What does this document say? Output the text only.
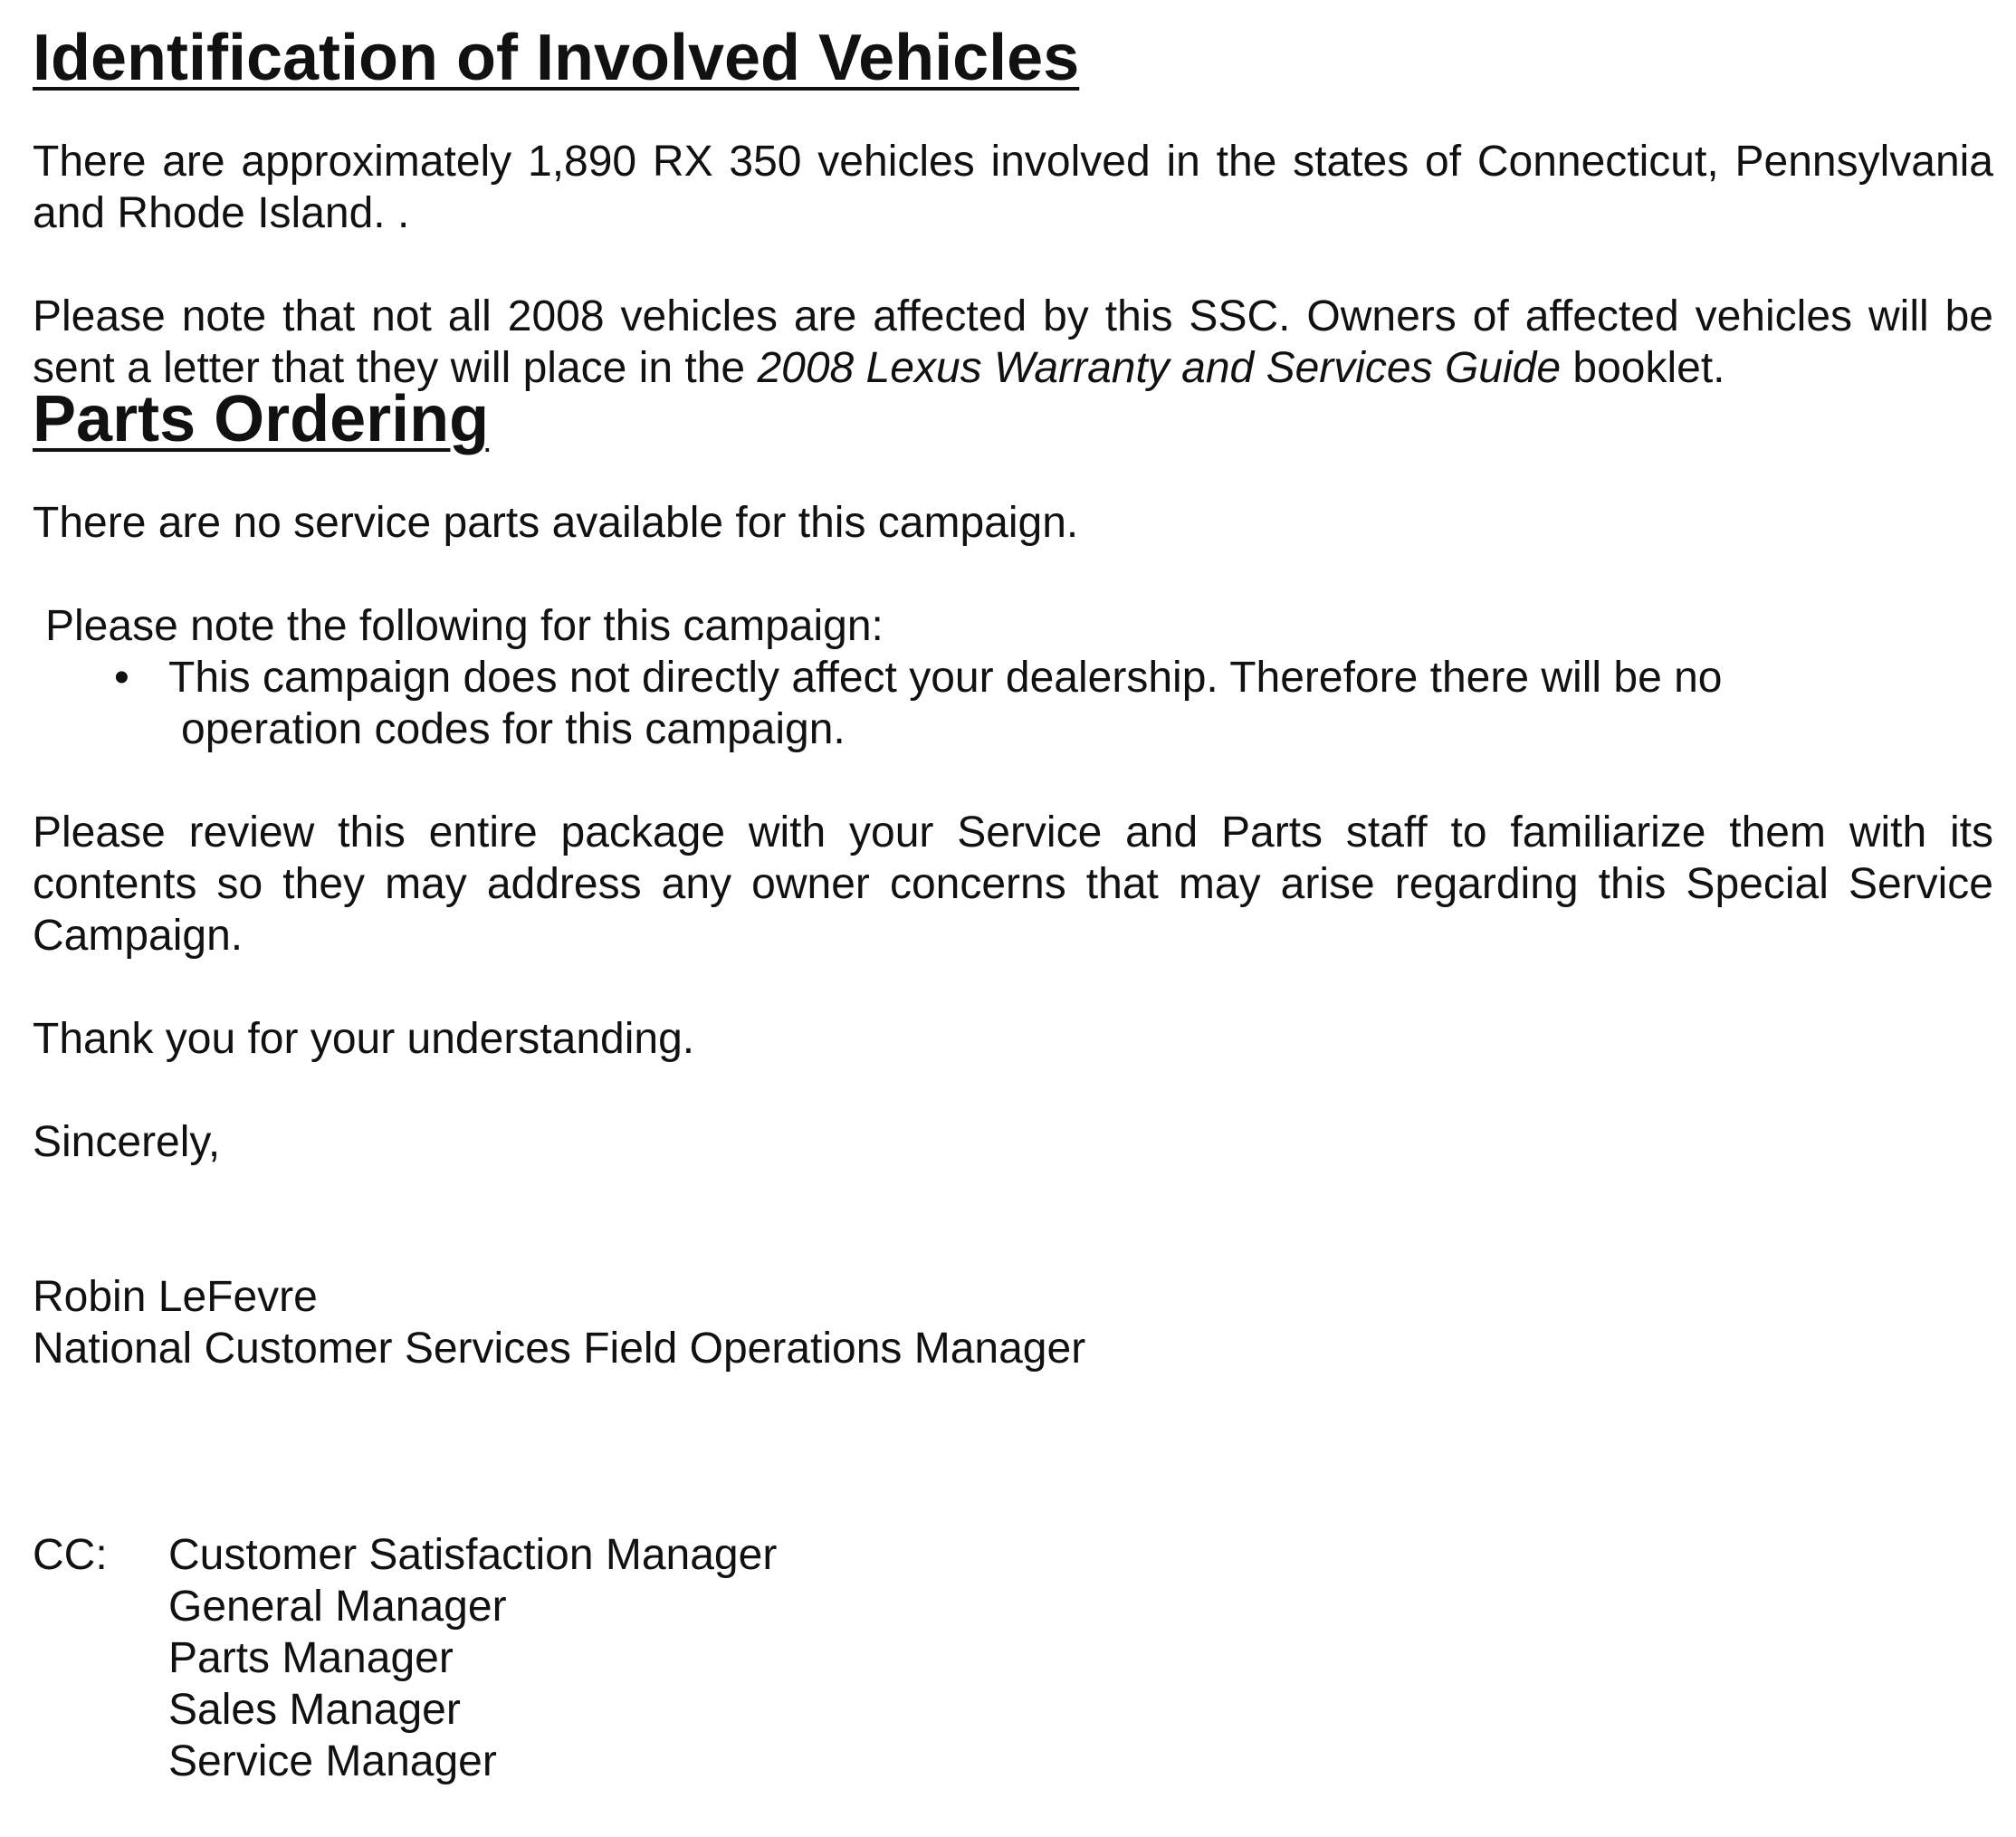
Identification of Involved Vehicles

There are approximately 1,890 RX 350 vehicles involved in the states of Connecticut, Pennsylvania and Rhode Island. .

Please note that not all 2008 vehicles are affected by this SSC. Owners of affected vehicles will be sent a letter that they will place in the 2008 Lexus Warranty and Services Guide booklet.

Parts Ordering

There are no service parts available for this campaign.

Please note the following for this campaign:

• This campaign does not directly affect your dealership. Therefore there will be no
operation codes for this campaign.

Please review this entire package with your Service and Parts staff to familiarize them with its contents so they may address any owner concerns that may arise regarding this Special Service Campaign.

Thank you for your understanding.

Sincerely,

Robin LeFevre

National Customer Services Field Operations Manager

CC:	Customer Satisfaction Manager
General Manager
Parts Manager
Sales Manager
Service Manager
